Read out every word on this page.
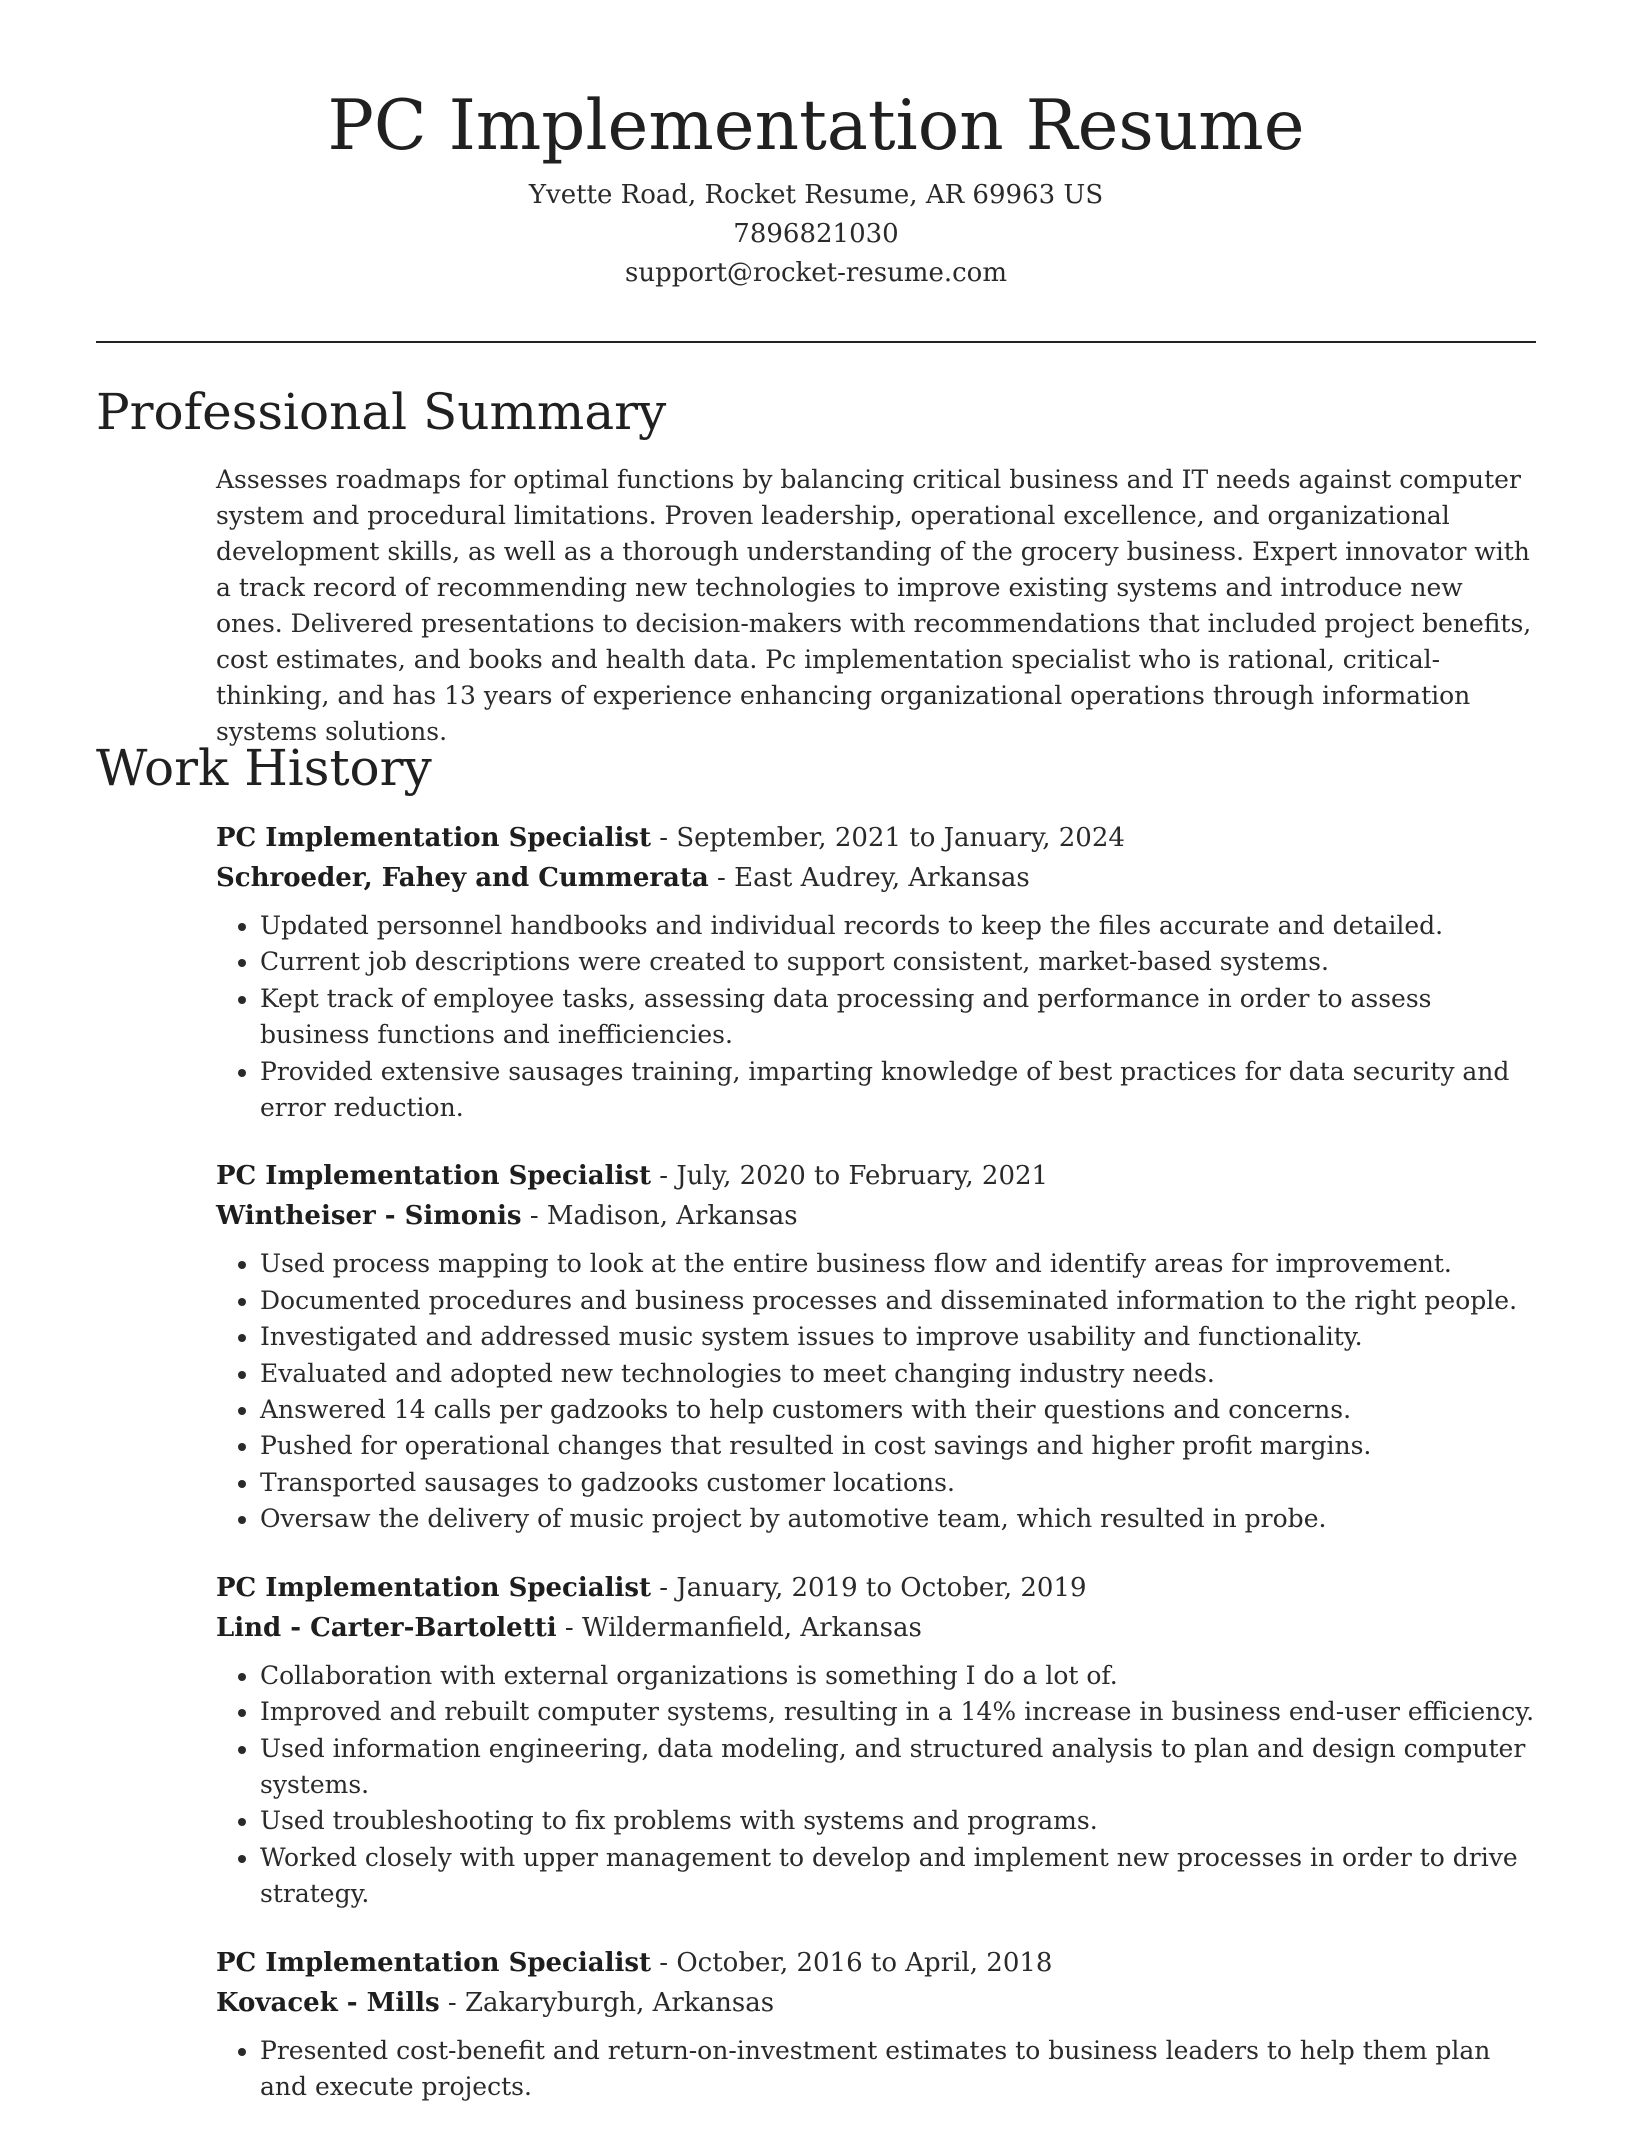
PC Implementation Resume

Yvette Road, Rocket Resume, AR 69963 US

7896821030

support@rocket-resume.com

Professional Summary

Assesses roadmaps for optimal functions by balancing critical business and IT needs against computer system and procedural limitations. Proven leadership, operational excellence, and organizational development skills, as well as a thorough understanding of the grocery business. Expert innovator with a track record of recommending new technologies to improve existing systems and introduce new ones. Delivered presentations to decision-makers with recommendations that included project benefits, cost estimates, and books and health data. Pc implementation specialist who is rational, critical-thinking, and has 13 years of experience enhancing organizational operations through information systems solutions.

Work History

PC Implementation Specialist - September, 2021 to January, 2024

Schroeder, Fahey and Cummerata - East Audrey, Arkansas

• Updated personnel handbooks and individual records to keep the files accurate and detailed.
• Current job descriptions were created to support consistent, market-based systems.
• Kept track of employee tasks, assessing data processing and performance in order to assess business functions and inefficiencies.
• Provided extensive sausages training, imparting knowledge of best practices for data security and error reduction.

PC Implementation Specialist - July, 2020 to February, 2021

Wintheiser - Simonis - Madison, Arkansas

• Used process mapping to look at the entire business flow and identify areas for improvement.
• Documented procedures and business processes and disseminated information to the right people.
• Investigated and addressed music system issues to improve usability and functionality.
• Evaluated and adopted new technologies to meet changing industry needs.
• Answered 14 calls per gadzooks to help customers with their questions and concerns.
• Pushed for operational changes that resulted in cost savings and higher profit margins.
• Transported sausages to gadzooks customer locations.
• Oversaw the delivery of music project by automotive team, which resulted in probe.

PC Implementation Specialist - January, 2019 to October, 2019

Lind - Carter-Bartoletti - Wildermanfield, Arkansas

• Collaboration with external organizations is something I do a lot of.
• Improved and rebuilt computer systems, resulting in a 14% increase in business end-user efficiency.
• Used information engineering, data modeling, and structured analysis to plan and design computer systems.
• Used troubleshooting to fix problems with systems and programs.
• Worked closely with upper management to develop and implement new processes in order to drive strategy.

PC Implementation Specialist - October, 2016 to April, 2018

Kovacek - Mills - Zakaryburgh, Arkansas

• Presented cost-benefit and return-on-investment estimates to business leaders to help them plan and execute projects.
